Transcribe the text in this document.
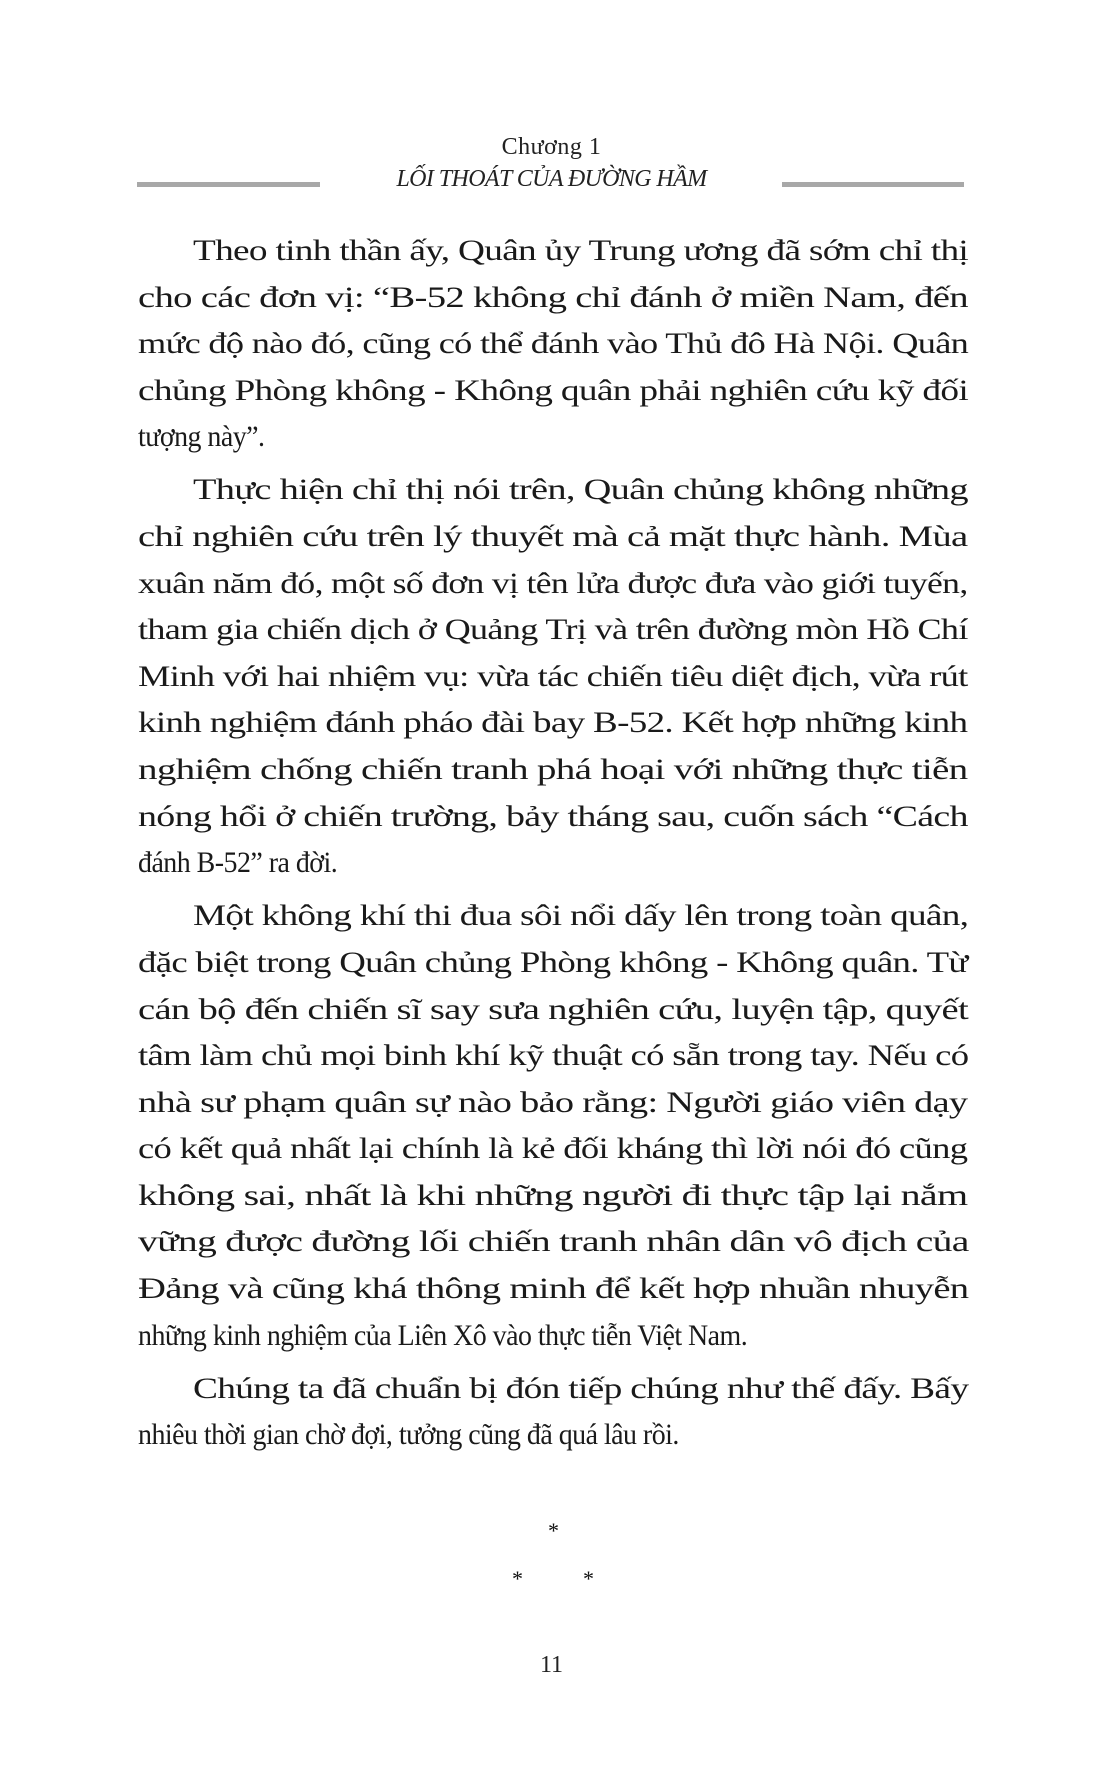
Chương 1
LỐI THOÁT CỦA ĐƯỜNG HẦM
Theo tinh thần ấy, Quân ủy Trung ương đã sớm chỉ thị
cho các đơn vị: “B-52 không chỉ đánh ở miền Nam, đến
mức độ nào đó, cũng có thể đánh vào Thủ đô Hà Nội. Quân
chủng Phòng không - Không quân phải nghiên cứu kỹ đối
tượng này”.
Thực hiện chỉ thị nói trên, Quân chủng không những
chỉ nghiên cứu trên lý thuyết mà cả mặt thực hành. Mùa
xuân năm đó, một số đơn vị tên lửa được đưa vào giới tuyến,
tham gia chiến dịch ở Quảng Trị và trên đường mòn Hồ Chí
Minh với hai nhiệm vụ: vừa tác chiến tiêu diệt địch, vừa rút
kinh nghiệm đánh pháo đài bay B-52. Kết hợp những kinh
nghiệm chống chiến tranh phá hoại với những thực tiễn
nóng hổi ở chiến trường, bảy tháng sau, cuốn sách “Cách
đánh B-52” ra đời.
Một không khí thi đua sôi nổi dấy lên trong toàn quân,
đặc biệt trong Quân chủng Phòng không - Không quân. Từ
cán bộ đến chiến sĩ say sưa nghiên cứu, luyện tập, quyết
tâm làm chủ mọi binh khí kỹ thuật có sẵn trong tay. Nếu có
nhà sư phạm quân sự nào bảo rằng: Người giáo viên dạy
có kết quả nhất lại chính là kẻ đối kháng thì lời nói đó cũng
không sai, nhất là khi những người đi thực tập lại nắm
vững được đường lối chiến tranh nhân dân vô địch của
Đảng và cũng khá thông minh để kết hợp nhuần nhuyễn
những kinh nghiệm của Liên Xô vào thực tiễn Việt Nam.
Chúng ta đã chuẩn bị đón tiếp chúng như thế đấy. Bấy
nhiêu thời gian chờ đợi, tưởng cũng đã quá lâu rồi.
*
*	*
11
